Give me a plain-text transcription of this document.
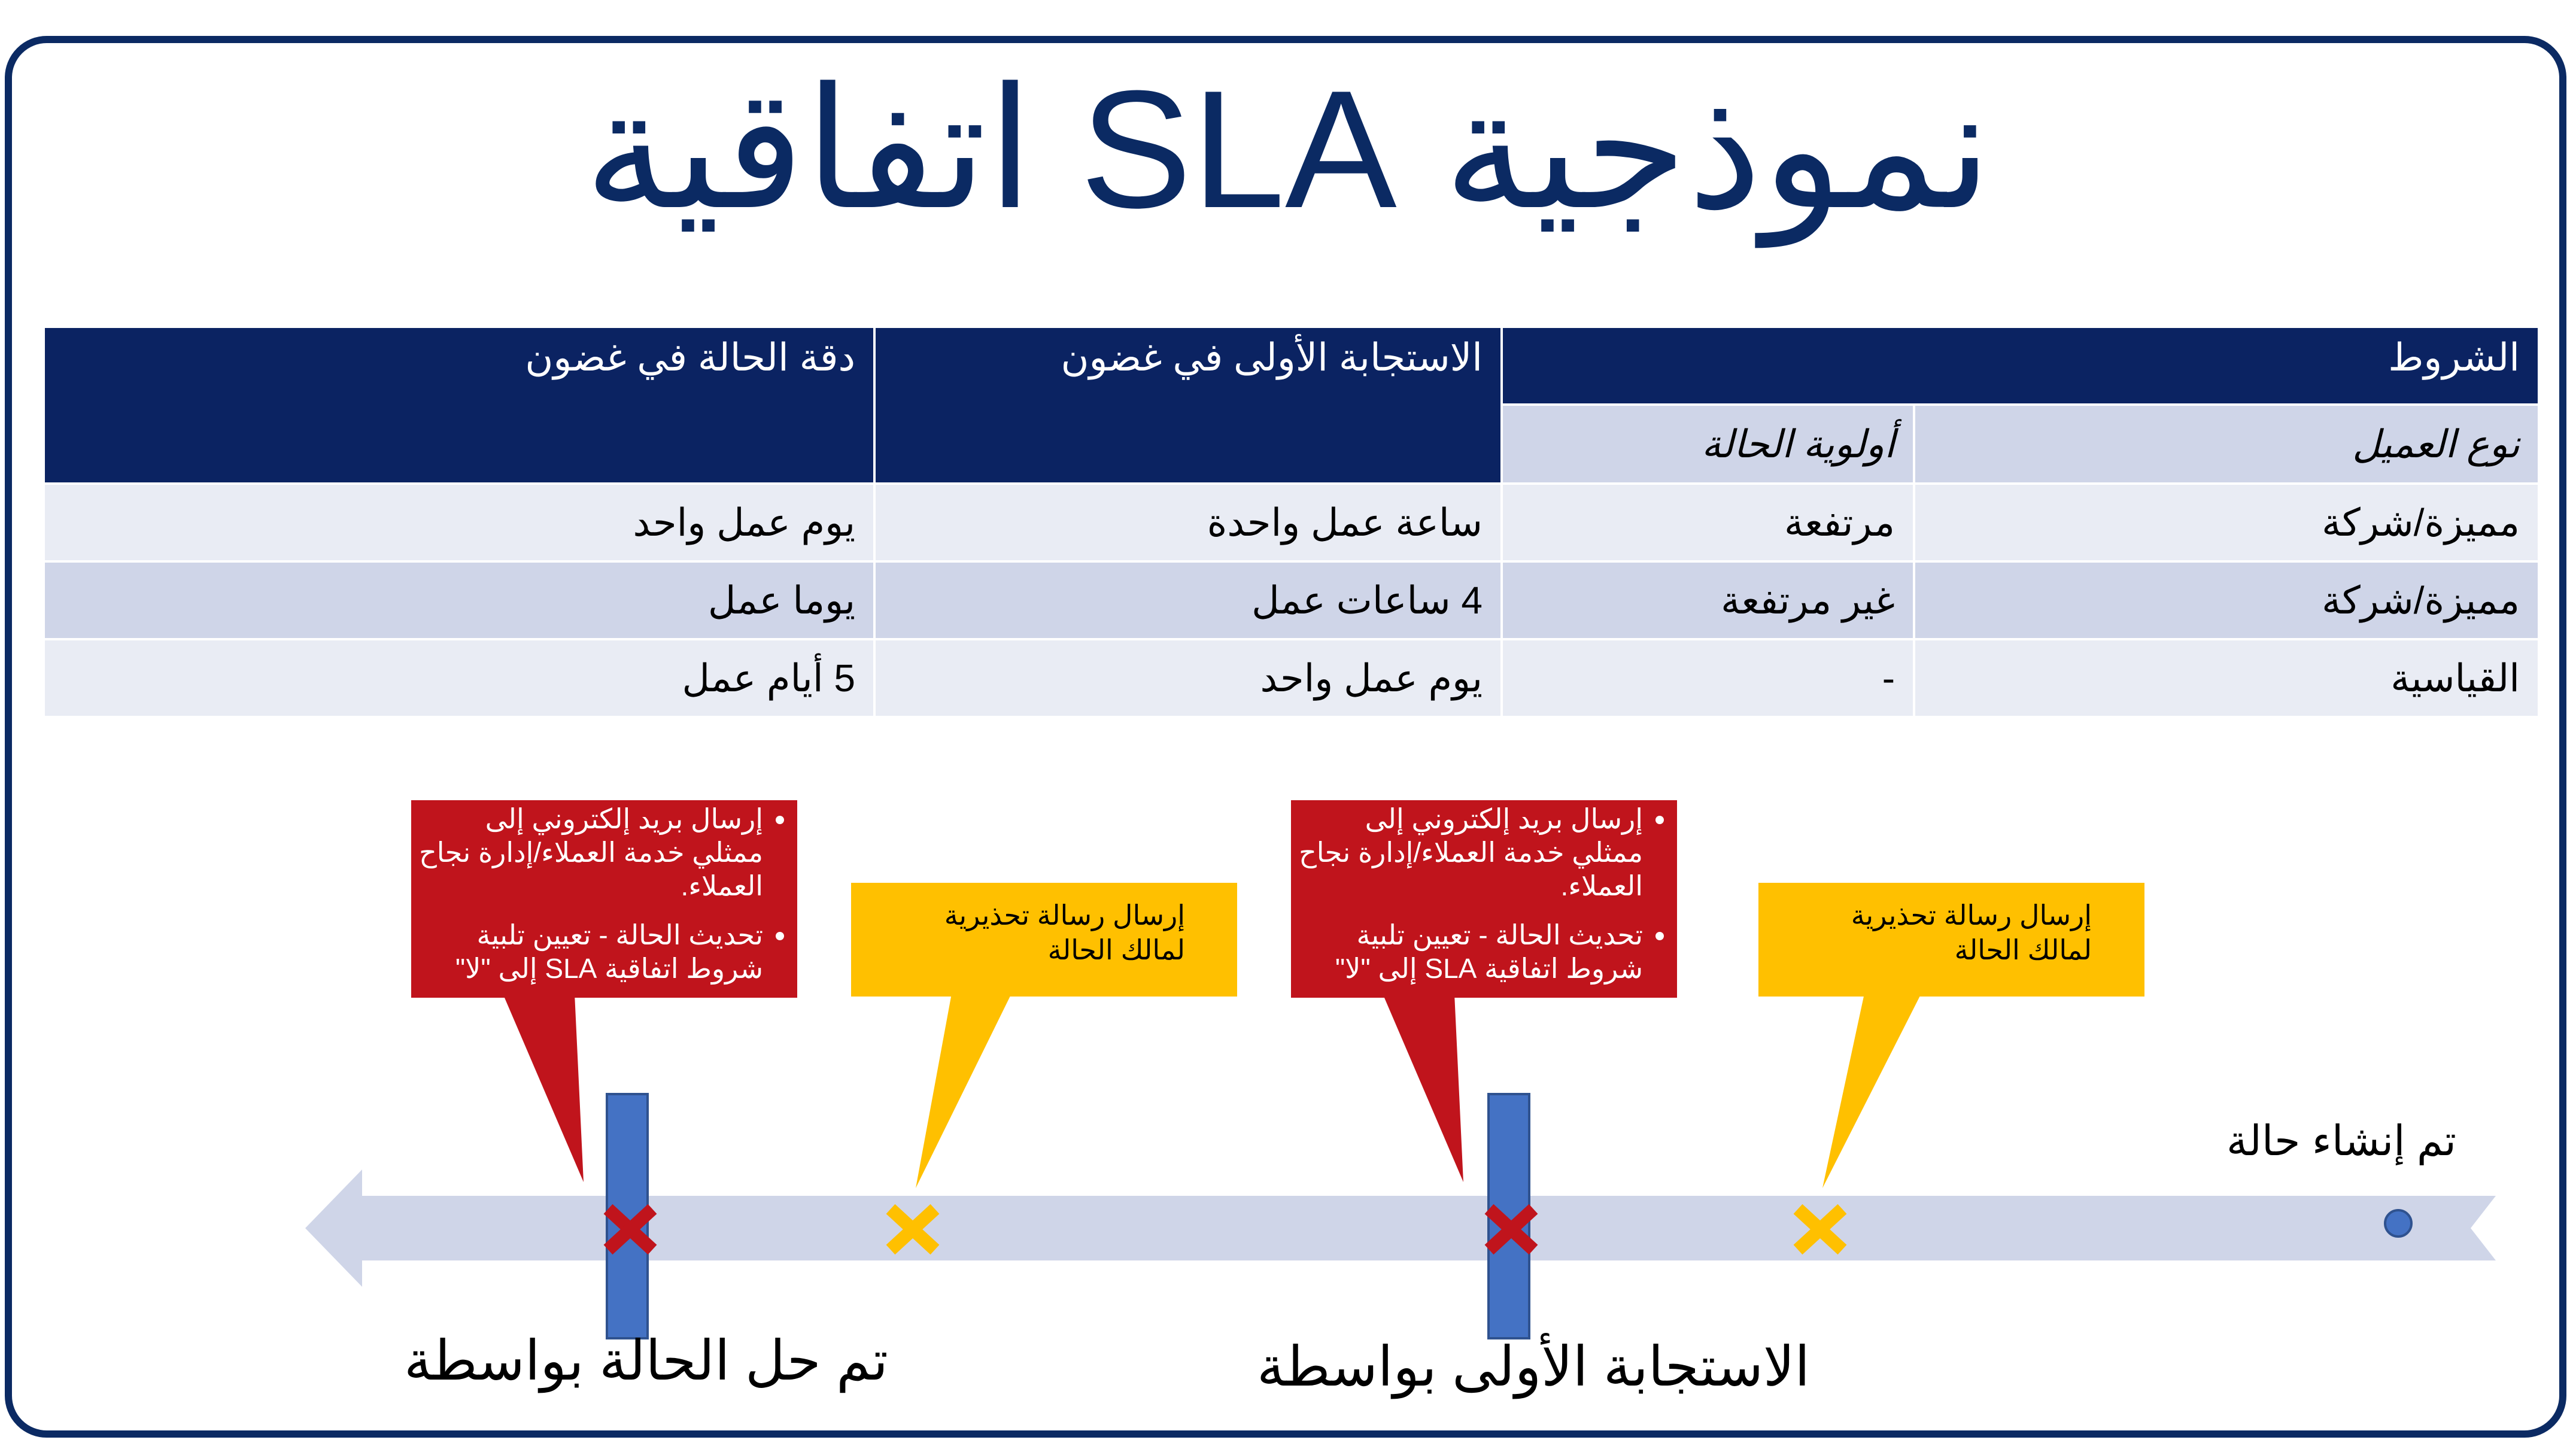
نموذجية SLA اتفاقية
الشروط
الاستجابة الأولى في غضون
دقة الحالة في غضون
نوع العميل
أولوية الحالة
مميزة/شركة
مرتفعة
ساعة عمل واحدة
يوم عمل واحد
مميزة/شركة
غير مرتفعة
4 ساعات عمل
يوما عمل
القياسية
-
يوم عمل واحد
5 أيام عمل
• إرسال بريد إلكتروني إلى ممثلي خدمة العملاء/إدارة نجاح العملاء.
• تحديث الحالة - تعيين تلبية شروط اتفاقية SLA إلى "لا"
• إرسال بريد إلكتروني إلى ممثلي خدمة العملاء/إدارة نجاح العملاء.
• تحديث الحالة - تعيين تلبية شروط اتفاقية SLA إلى "لا"
إرسال رسالة تحذيرية لمالك الحالة
إرسال رسالة تحذيرية لمالك الحالة
تم إنشاء حالة
الاستجابة الأولى بواسطة
تم حل الحالة بواسطة
